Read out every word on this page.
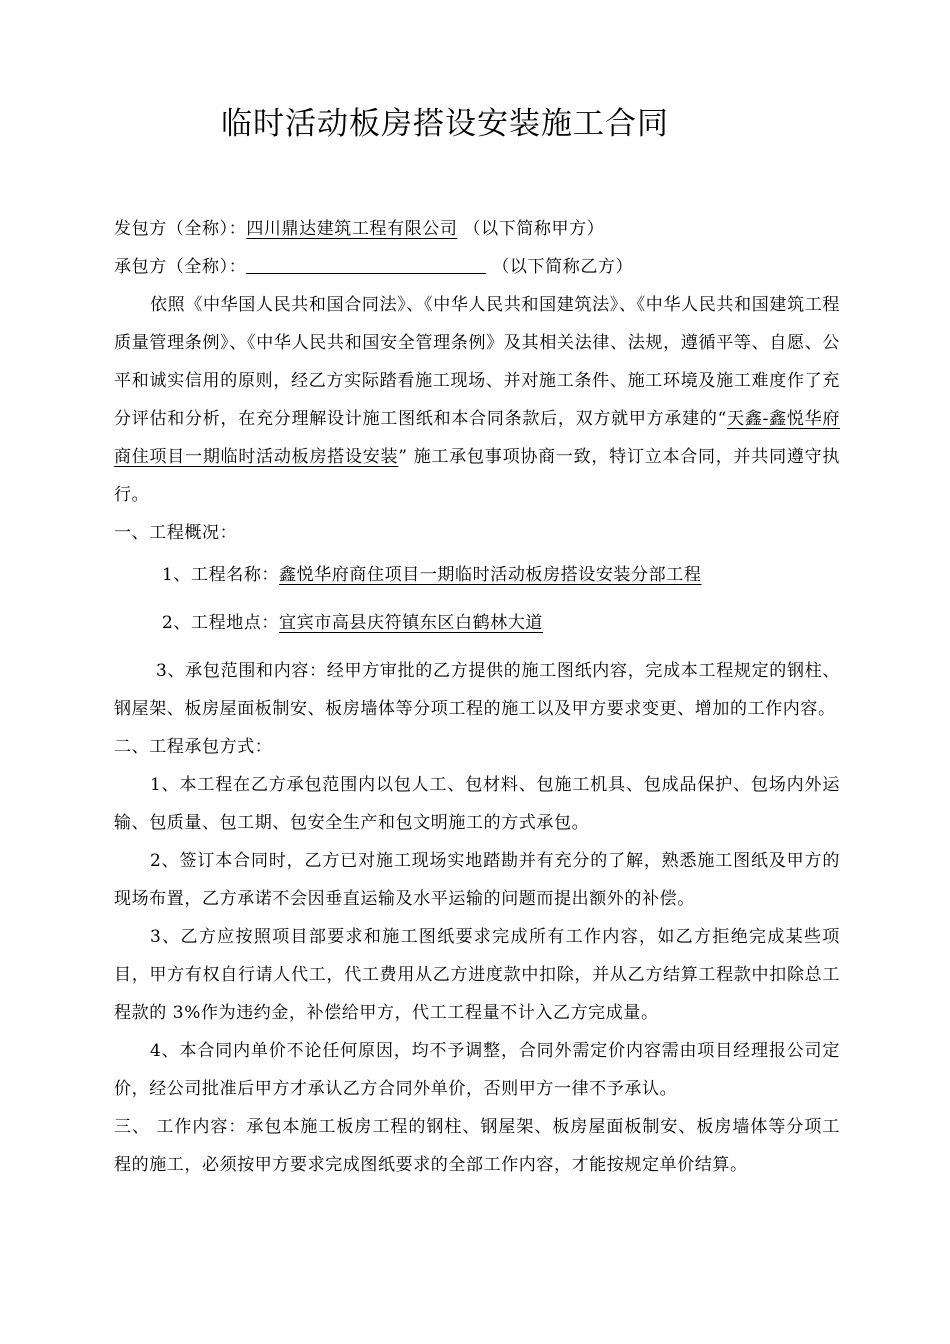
临时活动板房搭设安装施工合同

发包方（全称）：四川鼎达建筑工程有限公司 （以下简称甲方）

承包方（全称）：	（以下简称乙方）

依照《中华国人民共和国合同法》、《中华人民共和国建筑法》、《中华人民共和国建筑工程质量管理条例》、《中华人民共和国安全管理条例》及其相关法律、法规，遵循平等、自愿、公平和诚实信用的原则，经乙方实际踏看施工现场、并对施工条件、施工环境及施工难度作了充分评估和分析，在充分理解设计施工图纸和本合同条款后，双方就甲方承建的“天鑫-鑫悦华府商住项目一期临时活动板房搭设安装” 施工承包事项协商一致，特订立本合同，并共同遵守执行。

一、工程概况：

1、工程名称：鑫悦华府商住项目一期临时活动板房搭设安装分部工程

2、工程地点：宜宾市高县庆符镇东区白鹤林大道

3、承包范围和内容：经甲方审批的乙方提供的施工图纸内容，完成本工程规定的钢柱、钢屋架、板房屋面板制安、板房墙体等分项工程的施工以及甲方要求变更、增加的工作内容。

二、工程承包方式：

1、本工程在乙方承包范围内以包人工、包材料、包施工机具、包成品保护、包场内外运输、包质量、包工期、包安全生产和包文明施工的方式承包。

2、签订本合同时，乙方已对施工现场实地踏勘并有充分的了解，熟悉施工图纸及甲方的现场布置，乙方承诺不会因垂直运输及水平运输的问题而提出额外的补偿。

3、乙方应按照项目部要求和施工图纸要求完成所有工作内容，如乙方拒绝完成某些项目，甲方有权自行请人代工，代工费用从乙方进度款中扣除，并从乙方结算工程款中扣除总工程款的 3%作为违约金，补偿给甲方，代工工程量不计入乙方完成量。

4、本合同内单价不论任何原因，均不予调整，合同外需定价内容需由项目经理报公司定价，经公司批准后甲方才承认乙方合同外单价，否则甲方一律不予承认。

三、 工作内容：承包本施工板房工程的钢柱、钢屋架、板房屋面板制安、板房墙体等分项工程的施工，必须按甲方要求完成图纸要求的全部工作内容，才能按规定单价结算。
